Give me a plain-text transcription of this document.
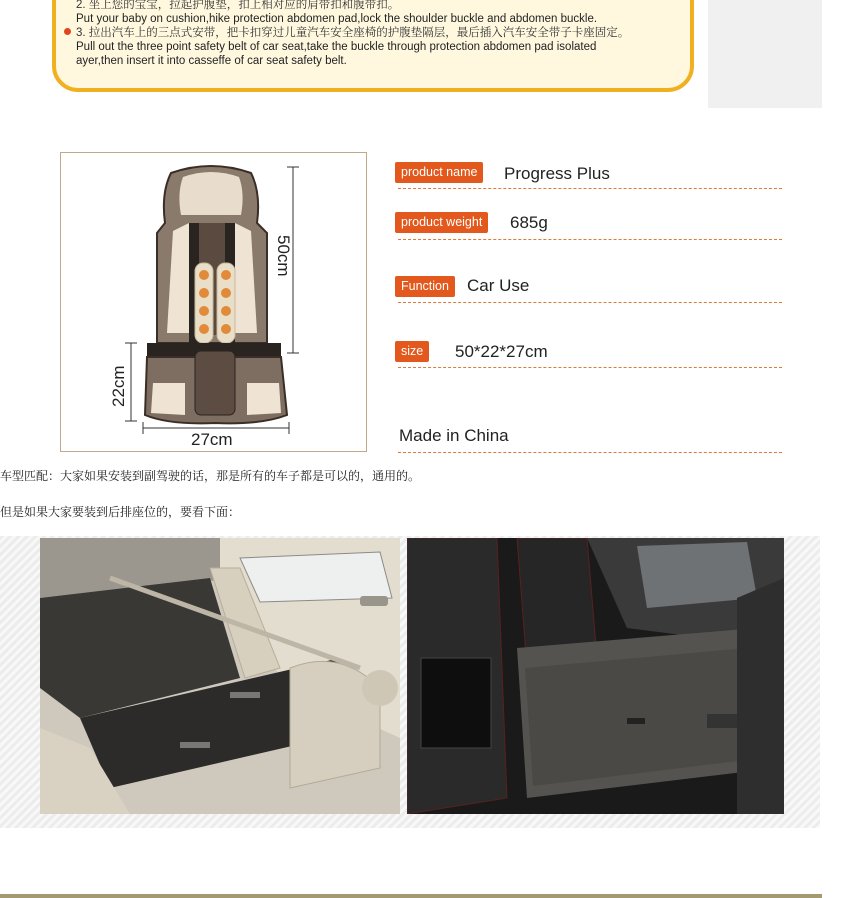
2. 坐上您的宝宝，拉起护腹垫，扣上相对应的肩带扣和腹带扣。
Put your baby on cushion,hike protection abdomen pad,lock the shoulder buckle and abdomen buckle.
3. 拉出汽车上的三点式安带，把卡扣穿过儿童汽车安全座椅的护腹垫隔层，最后插入汽车安全带子卡座固定。
Pull out the three point safety belt of car seat,take the buckle through protection abdomen pad isolated
ayer,then insert it into casseffe of car seat safety belt.
50cm
22cm
27cm
product name	Progress Plus
product weight	685g
Function	Car Use
size	50*22*27cm
Made in China
车型匹配：大家如果安装到副驾驶的话，那是所有的车子都是可以的，通用的。
但是如果大家要装到后排座位的，要看下面：
